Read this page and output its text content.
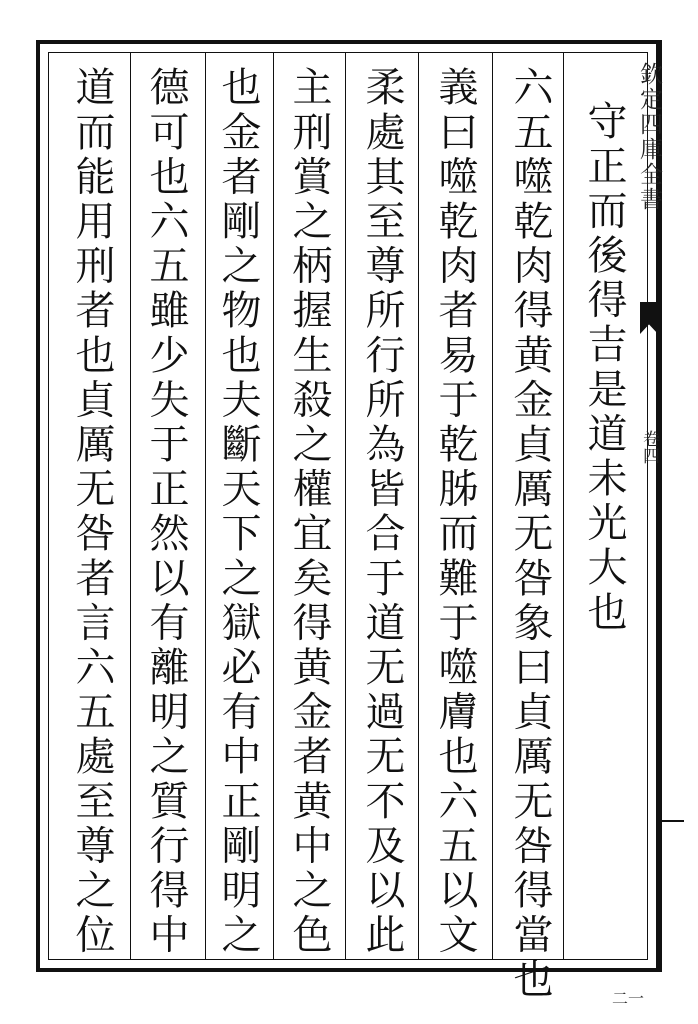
守正而後得吉是道未光大也
六五噬乾肉得黄金貞厲无咎象曰貞厲无咎得當也
義曰噬乾肉者易于乾胏而難于噬膚也六五以文
柔處其至尊所行所為皆合于道无過无不及以此
主刑賞之柄握生殺之權宜矣得黄金者黄中之色
也金者剛之物也夫斷天下之獄必有中正剛明之
德可也六五雖少失于正然以有離明之質行得中
道而能用刑者也貞厲无咎者言六五處至尊之位	欽定四庫全書
卷四
二一
